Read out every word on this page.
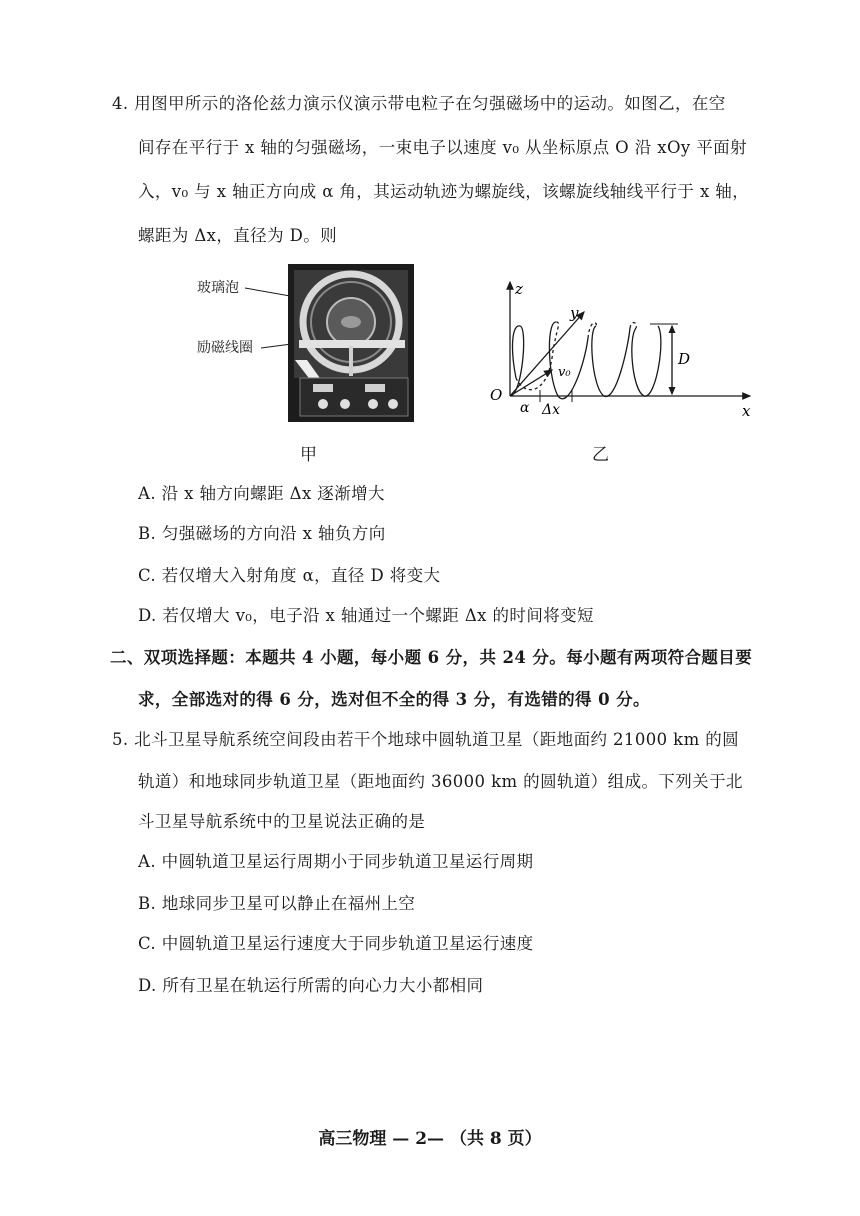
4. 用图甲所示的洛伦兹力演示仪演示带电粒子在匀强磁场中的运动。如图乙，在空
间存在平行于 x 轴的匀强磁场，一束电子以速度 v₀ 从坐标原点 O 沿 xOy 平面射
入，v₀ 与 x 轴正方向成 α 角，其运动轨迹为螺旋线，该螺旋线轴线平行于 x 轴，
螺距为 Δx，直径为 D。则
玻璃泡
励磁线圈
甲
z
x
y
O
v₀
α Δx
D
乙
A. 沿 x 轴方向螺距 Δx 逐渐增大
B. 匀强磁场的方向沿 x 轴负方向
C. 若仅增大入射角度 α，直径 D 将变大
D. 若仅增大 v₀，电子沿 x 轴通过一个螺距 Δx 的时间将变短
二、双项选择题：本题共 4 小题，每小题 6 分，共 24 分。每小题有两项符合题目要
求，全部选对的得 6 分，选对但不全的得 3 分，有选错的得 0 分。
5. 北斗卫星导航系统空间段由若干个地球中圆轨道卫星（距地面约 21000 km 的圆
轨道）和地球同步轨道卫星（距地面约 36000 km 的圆轨道）组成。下列关于北
斗卫星导航系统中的卫星说法正确的是
A. 中圆轨道卫星运行周期小于同步轨道卫星运行周期
B. 地球同步卫星可以静止在福州上空
C. 中圆轨道卫星运行速度大于同步轨道卫星运行速度
D. 所有卫星在轨运行所需的向心力大小都相同
高三物理 — 2— （共 8 页）
